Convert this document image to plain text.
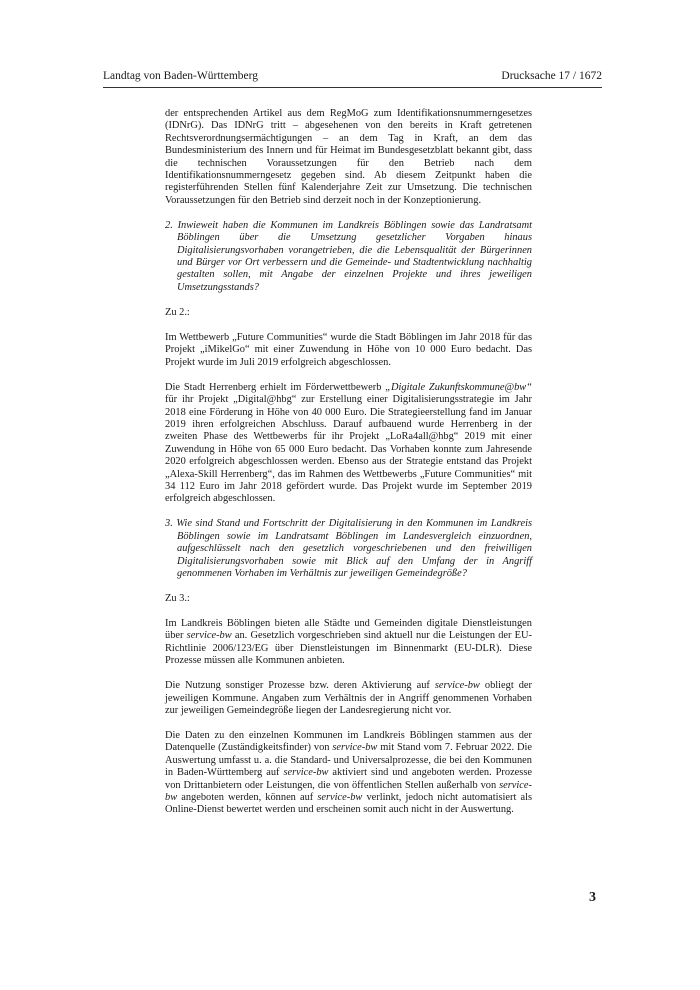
Landtag von Baden-Württemberg	Drucksache 17 / 1672

der entsprechenden Artikel aus dem RegMoG zum Identifikationsnummerngesetzes (IDNrG). Das IDNrG tritt – abgesehenen von den bereits in Kraft getretenen Rechtsverordnungsermächtigungen – an dem Tag in Kraft, an dem das Bundesministerium des Innern und für Heimat im Bundesgesetzblatt bekannt gibt, dass die technischen Voraussetzungen für den Betrieb nach dem Identifikationsnummerngesetz gegeben sind. Ab diesem Zeitpunkt haben die registerführenden Stellen fünf Kalenderjahre Zeit zur Umsetzung. Die technischen Voraussetzungen für den Betrieb sind derzeit noch in der Konzeptionierung.

2. Inwieweit haben die Kommunen im Landkreis Böblingen sowie das Landratsamt Böblingen über die Umsetzung gesetzlicher Vorgaben hinaus Digitalisierungsvorhaben vorangetrieben, die die Lebensqualität der Bürgerinnen und Bürger vor Ort verbessern und die Gemeinde- und Stadtentwicklung nachhaltig gestalten sollen, mit Angabe der einzelnen Projekte und ihres jeweiligen Umsetzungsstands?

Zu 2.:

Im Wettbewerb „Future Communities“ wurde die Stadt Böblingen im Jahr 2018 für das Projekt „iMikelGo“ mit einer Zuwendung in Höhe von 10 000 Euro bedacht. Das Projekt wurde im Juli 2019 erfolgreich abgeschlossen.

Die Stadt Herrenberg erhielt im Förderwettbewerb „Digitale Zukunftskommune@bw“ für ihr Projekt „Digital@hbg“ zur Erstellung einer Digitalisierungsstrategie im Jahr 2018 eine Förderung in Höhe von 40 000 Euro. Die Strategieerstellung fand im Januar 2019 ihren erfolgreichen Abschluss. Darauf aufbauend wurde Herrenberg in der zweiten Phase des Wettbewerbs für ihr Projekt „LoRa4all@hbg“ 2019 mit einer Zuwendung in Höhe von 65 000 Euro bedacht. Das Vorhaben konnte zum Jahresende 2020 erfolgreich abgeschlossen werden. Ebenso aus der Strategie entstand das Projekt „Alexa-Skill Herrenberg“, das im Rahmen des Wettbewerbs „Future Communities“ mit 34 112 Euro im Jahr 2018 gefördert wurde. Das Projekt wurde im September 2019 erfolgreich abgeschlossen.

3. Wie sind Stand und Fortschritt der Digitalisierung in den Kommunen im Landkreis Böblingen sowie im Landratsamt Böblingen im Landesvergleich einzuordnen, aufgeschlüsselt nach den gesetzlich vorgeschriebenen und den freiwilligen Digitalisierungsvorhaben sowie mit Blick auf den Umfang der in Angriff genommenen Vorhaben im Verhältnis zur jeweiligen Gemeindegröße?

Zu 3.:

Im Landkreis Böblingen bieten alle Städte und Gemeinden digitale Dienstleistungen über service-bw an. Gesetzlich vorgeschrieben sind aktuell nur die Leistungen der EU-Richtlinie 2006/123/EG über Dienstleistungen im Binnenmarkt (EU-DLR). Diese Prozesse müssen alle Kommunen anbieten.

Die Nutzung sonstiger Prozesse bzw. deren Aktivierung auf service-bw obliegt der jeweiligen Kommune. Angaben zum Verhältnis der in Angriff genommenen Vorhaben zur jeweiligen Gemeindegröße liegen der Landesregierung nicht vor.

Die Daten zu den einzelnen Kommunen im Landkreis Böblingen stammen aus der Datenquelle (Zuständigkeitsfinder) von service-bw mit Stand vom 7. Februar 2022. Die Auswertung umfasst u. a. die Standard- und Universalprozesse, die bei den Kommunen in Baden-Württemberg auf service-bw aktiviert sind und angeboten werden. Prozesse von Drittanbietern oder Leistungen, die von öffentlichen Stellen außerhalb von service-bw angeboten werden, können auf service-bw verlinkt, jedoch nicht automatisiert als Online-Dienst bewertet werden und erscheinen somit auch nicht in der Auswertung.

3
